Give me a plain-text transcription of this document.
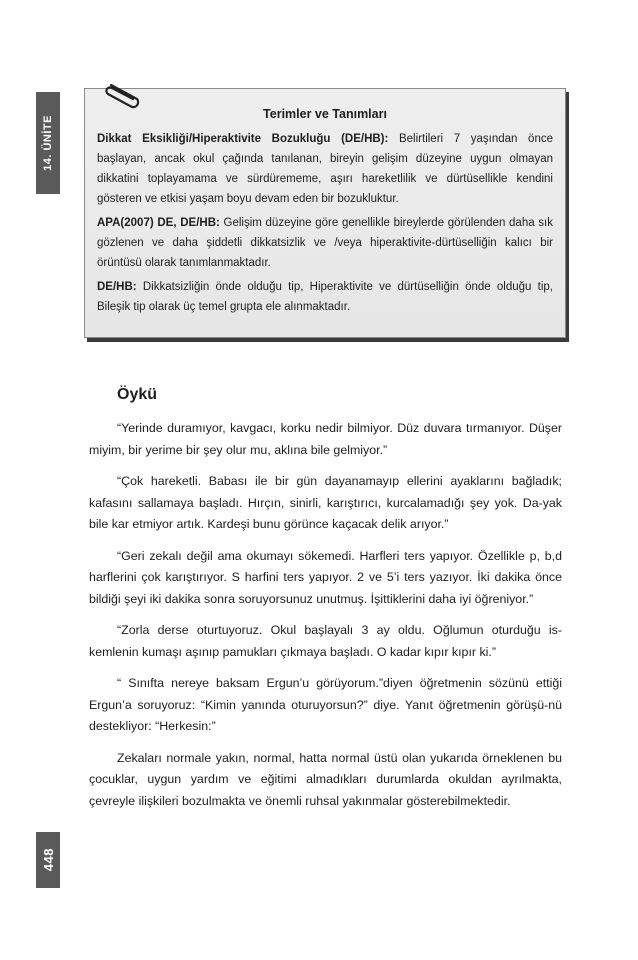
14. ÜNİTE
Terimler ve Tanımları

Dikkat Eksikliği/Hiperaktivite Bozukluğu (DE/HB): Belirtileri 7 yaşından önce başlayan, ancak okul çağında tanılanan, bireyin gelişim düzeyine uygun olmayan dikkatini toplayamama ve sürdürememe, aşırı hareketlilik ve dürtüsellikle kendini gösteren ve etkisi yaşam boyu devam eden bir bozukluktur.

APA(2007) DE, DE/HB: Gelişim düzeyine göre genellikle bireylerde görülenden daha sık gözlenen ve daha şiddetli dikkatsizlik ve /veya hiperaktivite-dürtüselliğin kalıcı bir örüntüsü olarak tanımlanmaktadır.

DE/HB: Dikkatsizliğin önde olduğu tip, Hiperaktivite ve dürtüselliğin önde olduğu tip, Bileşik tip olarak üç temel grupta ele alınmaktadır.

Öykü

“Yerinde duramıyor, kavgacı, korku nedir bilmiyor. Düz duvara tırmanıyor. Düşer miyim, bir yerime bir şey olur mu, aklına bile gelmiyor.”

“Çok hareketli. Babası ile bir gün dayanamayıp ellerini ayaklarını bağladık; kafasını sallamaya başladı. Hırçın, sinirli, karıştırıcı, kurcalamadığı şey yok. Da-yak bile kar etmiyor artık. Kardeşi bunu görünce kaçacak delik arıyor.”

“Geri zekalı değil ama okumayı sökemedi. Harfleri ters yapıyor. Özellikle p, b,d harflerini çok karıştırıyor. S harfini ters yapıyor. 2 ve 5’i ters yazıyor. İki dakika önce bildiği şeyi iki dakika sonra soruyorsunuz unutmuş. İşittiklerini daha iyi öğreniyor.”

“Zorla derse oturtuyoruz. Okul başlayalı 3 ay oldu. Oğlumun oturduğu is-kemlenin kumaşı aşınıp pamukları çıkmaya başladı. O kadar kıpır kıpır ki.”

“ Sınıfta nereye baksam Ergun’u görüyorum.”diyen öğretmenin sözünü ettiği Ergun’a soruyoruz: “Kimin yanında oturuyorsun?” diye. Yanıt öğretmenin görüşü-nü destekliyor: “Herkesin:”

Zekaları normale yakın, normal, hatta normal üstü olan yukarıda örneklenen bu çocuklar, uygun yardım ve eğitimi almadıkları durumlarda okuldan ayrılmakta, çevreyle ilişkileri bozulmakta ve önemli ruhsal yakınmalar gösterebilmektedir.

448
